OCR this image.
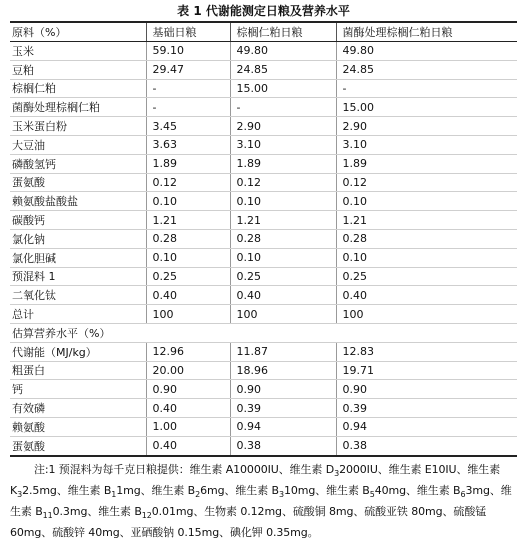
表 1 代谢能测定日粮及营养水平
原料（%）	基础日粮	棕榈仁粕日粮	菌酶处理棕榈仁粕日粮
玉米	59.10	49.80	49.80
豆粕	29.47	24.85	24.85
棕榈仁粕	-	15.00	-
菌酶处理棕榈仁粕	-	-	15.00
玉米蛋白粉	3.45	2.90	2.90
大豆油	3.63	3.10	3.10
磷酸氢钙	1.89	1.89	1.89
蛋氨酸	0.12	0.12	0.12
赖氨酸盐酸盐	0.10	0.10	0.10
碳酸钙	1.21	1.21	1.21
氯化钠	0.28	0.28	0.28
氯化胆碱	0.10	0.10	0.10
预混料 1	0.25	0.25	0.25
二氧化钛	0.40	0.40	0.40
总计	100	100	100
估算营养水平（%）			
代谢能（MJ/kg）	12.96	11.87	12.83
粗蛋白	20.00	18.96	19.71
钙	0.90	0.90	0.90
有效磷	0.40	0.39	0.39
赖氨酸	1.00	0.94	0.94
蛋氨酸	0.40	0.38	0.38
注:1 预混料为每千克日粮提供：维生素 A10000IU、维生素 $D_32000IU$、维生素 E10IU、维生素 $K_32.5mg$、维生素 $B_11mg$、维生素 $B_26mg$、维生素 $B_310mg$、维生素 $B_540mg$、维生素 $B_63mg$、维生素 $B_{11}0.3mg$、维生素 $B_{12}0.01mg$、生物素 0.12mg、硫酸铜 8mg、硫酸亚铁 80mg、硫酸锰 60mg、硫酸锌 40mg、亚硒酸钠 0.15mg、碘化钾 0.35mg。
